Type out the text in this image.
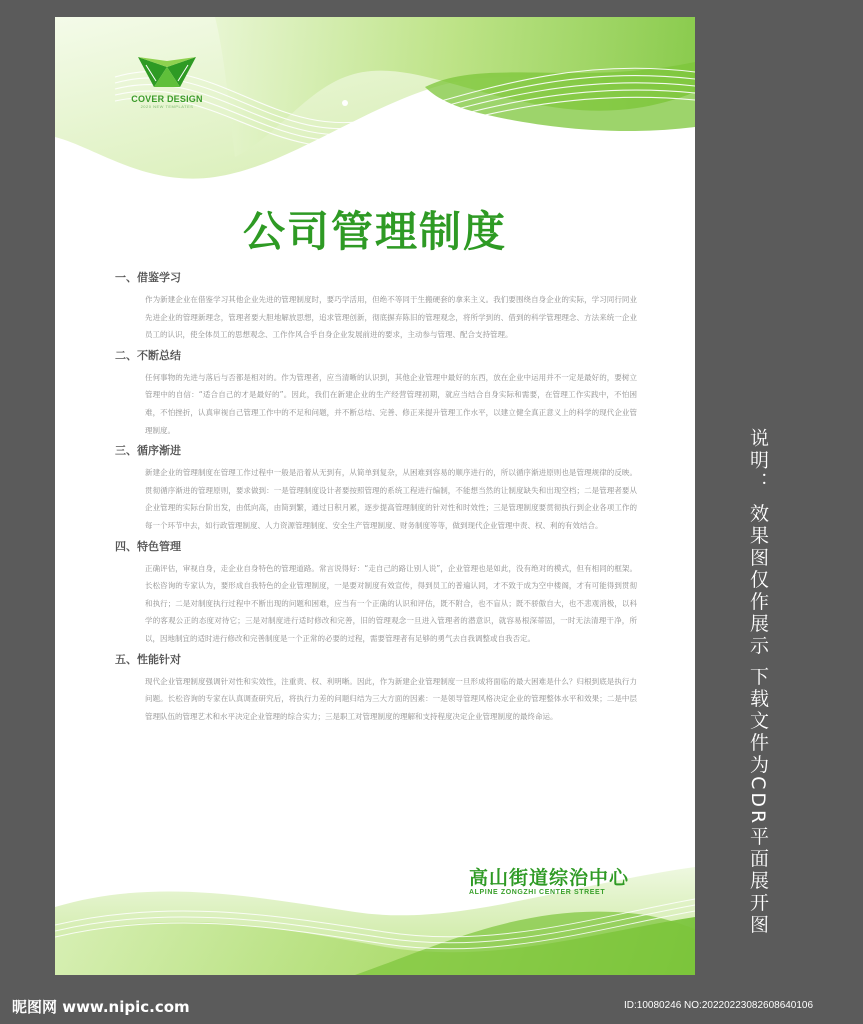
COVER DESIGN
2020 NEW TEMPLATES
公司管理制度
一、借鉴学习

作为新建企业在借鉴学习其他企业先进的管理制度时，要巧学活用，但绝不等同于生搬硬套的拿来主义。我们要围绕自身企业的实际，学习同行同业先进企业的管理新理念，管理者要大胆地解放思想，追求管理创新，彻底摒弃陈旧的管理观念，将所学到的、借到的科学管理理念、方法来统一企业员工的认识，使全体员工的思想观念、工作作风合乎自身企业发展前进的要求，主动参与管理、配合支持管理。

二、不断总结

任何事物的先进与落后与否都是相对的。作为管理者，应当清晰的认识到，其他企业管理中最好的东西，放在企业中运用并不一定是最好的，要树立管理中的自信：“适合自己的才是最好的”。因此，我们在新建企业的生产经营管理初期，就应当结合自身实际和需要，在管理工作实践中，不怕困难，不怕挫折，认真审视自己管理工作中的不足和问题，并不断总结、完善、修正来提升管理工作水平，以建立健全真正意义上的科学的现代企业管理制度。

三、循序渐进

新建企业的管理制度在管理工作过程中一般是沿着从无到有，从简单到复杂，从困难到容易的顺序进行的，所以循序渐进原则也是管理规律的反映。贯彻循序渐进的管理原则，要求做到：一是管理制度设计者要按照管理的系统工程进行编制，不能想当然的让制度缺失和出现空档；二是管理者要从企业管理的实际台阶出发，由低向高，由简到繁，通过日积月累，逐步提高管理制度的针对性和时效性；三是管理制度要贯彻执行到企业各项工作的每一个环节中去，如行政管理制度、人力资源管理制度、安全生产管理制度、财务制度等等，做到现代企业管理中责、权、利的有效结合。

四、特色管理

正确评估，审视自身，走企业自身特色的管理道路。常言说得好：“走自己的路让别人说”，企业管理也是如此，没有绝对的模式，但有相同的框架。长松咨询的专家认为，要形成自我特色的企业管理制度，一是要对制度有效宣传，得到员工的普遍认同，才不致于成为空中楼阁，才有可能得到贯彻和执行；二是对制度执行过程中不断出现的问题和困难，应当有一个正确的认识和评估，既不附合，也不盲从；既不骄傲自大，也不悲观消极，以科学的客观公正的态度对待它；三是对制度进行适时修改和完善，旧的管理观念一旦进入管理者的潜意识，就容易根深蒂固，一时无法清理干净，所以，因地制宜的适时进行修改和完善制度是一个正常的必要的过程，需要管理者有足够的勇气去自我调整或自我否定。

五、性能针对

现代企业管理制度强调针对性和实效性，注重责、权、利明晰。因此，作为新建企业管理制度一旦形成将面临的最大困难是什么？归根到底是执行力问题。长松咨询的专家在认真调查研究后，将执行力差的问题归结为三大方面的因素：一是领导管理风格决定企业的管理整体水平和效果；二是中层管理队伍的管理艺术和水平决定企业管理的综合实力；三是职工对管理制度的理解和支持程度决定企业管理制度的最终命运。

高山街道综治中心
ALPINE ZONGZHI CENTER STREET	说明： 效果图仅作展示 下载文件为CDR平面展开图
昵图网 www.nipic.com	ID:10080246 NO:20220223082608640106
